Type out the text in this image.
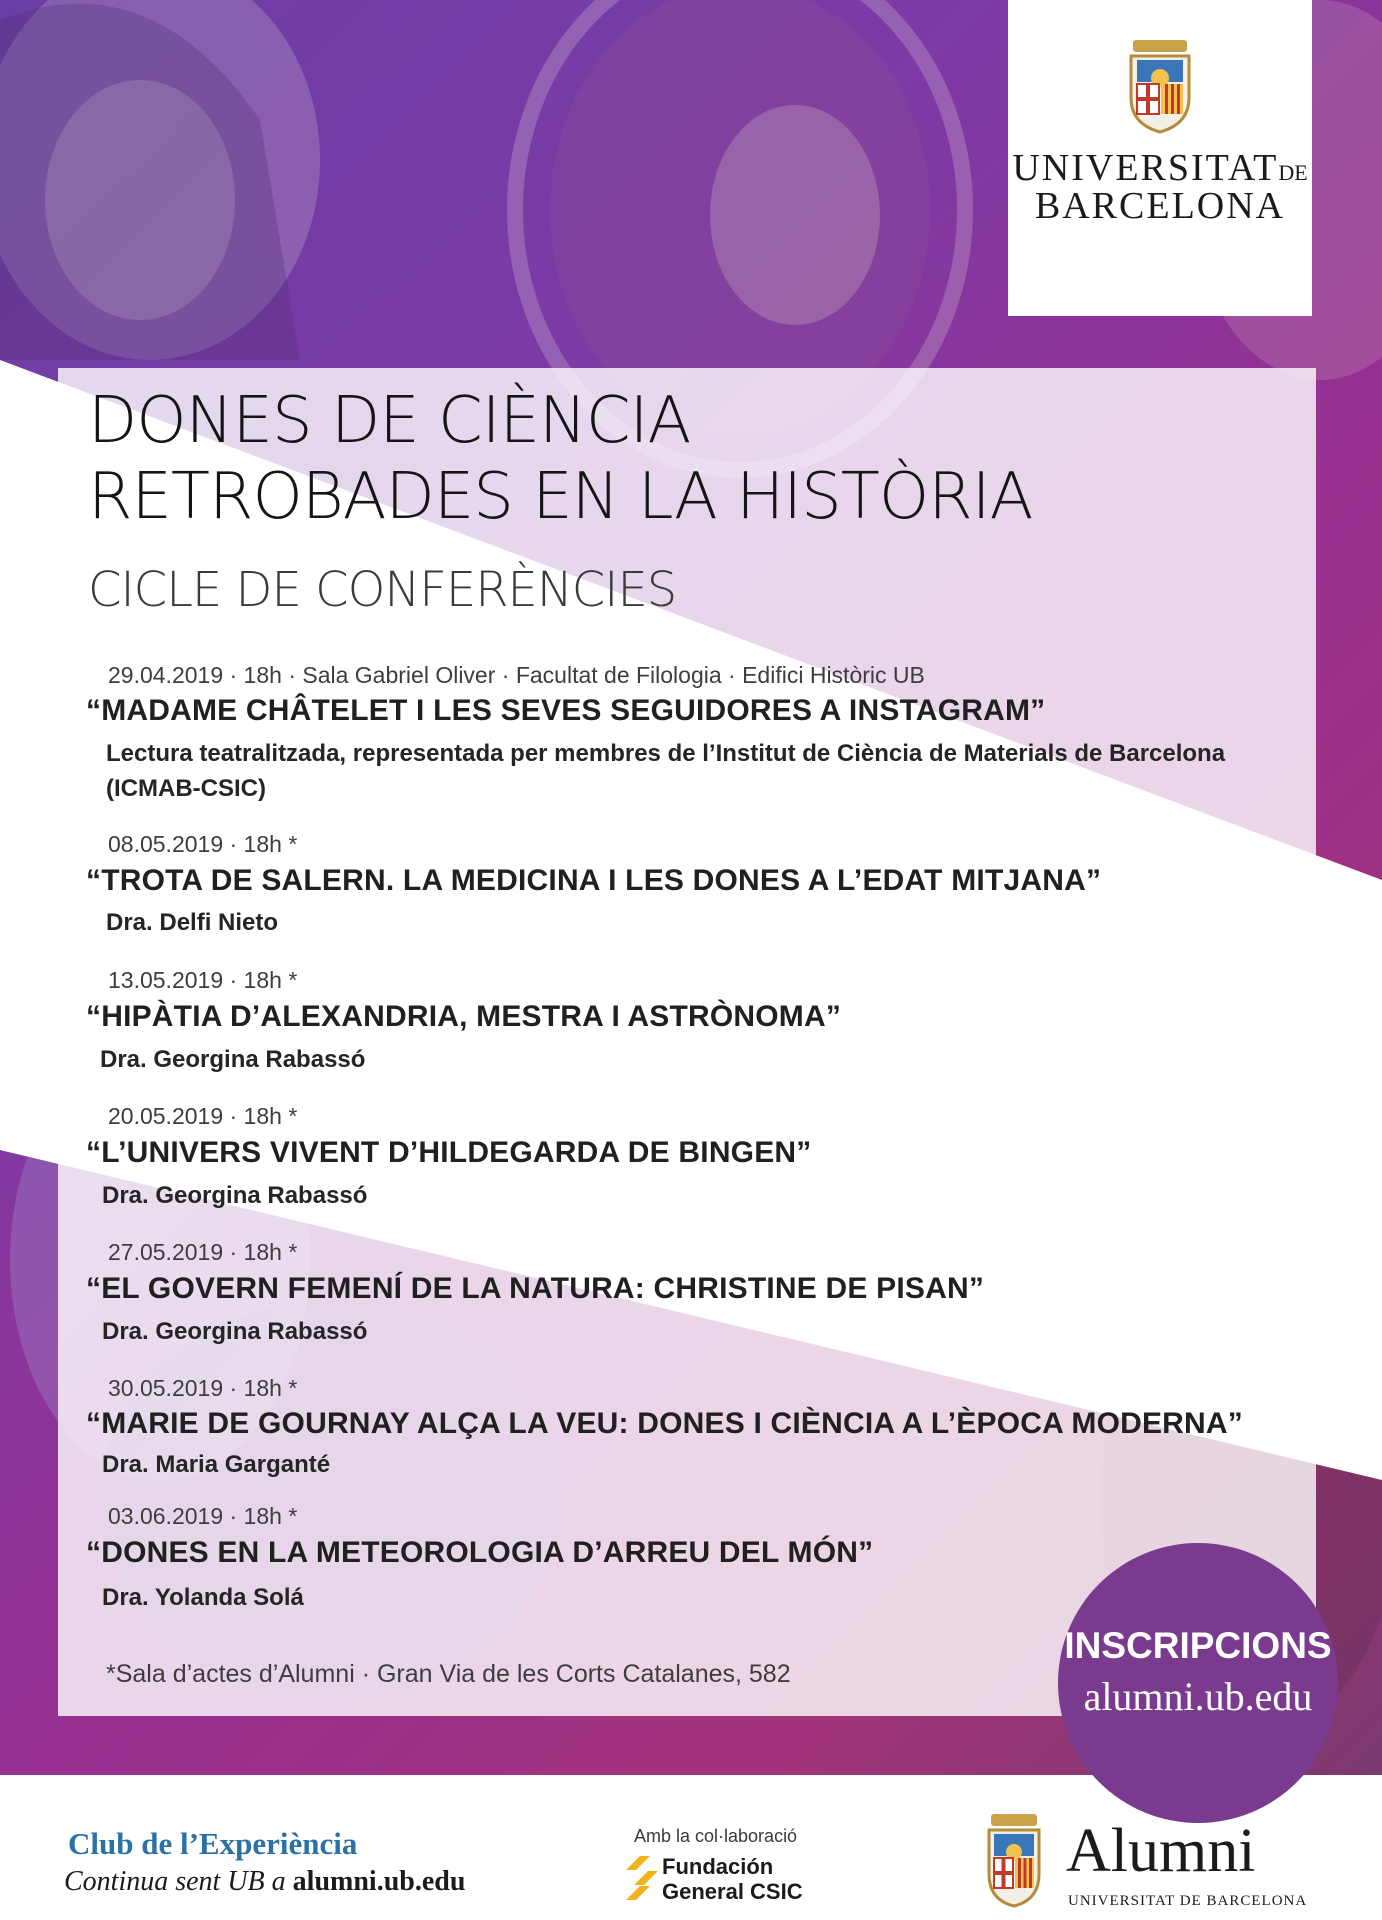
UNIVERSITATDE
BARCELONA
DONES DE CIÈNCIA
RETROBADES EN LA HISTÒRIA
CICLE DE CONFERÈNCIES
29.04.2019 · 18h · Sala Gabriel Oliver · Facultat de Filologia · Edifici Històric UB
“MADAME CHÂTELET I LES SEVES SEGUIDORES A INSTAGRAM”
Lectura teatralitzada, representada per membres de l’Institut de Ciència de Materials de Barcelona (ICMAB-CSIC)
08.05.2019 · 18h *
“TROTA DE SALERN. LA MEDICINA I LES DONES A L’EDAT MITJANA”
Dra. Delfi Nieto
13.05.2019 · 18h *
“HIPÀTIA D’ALEXANDRIA, MESTRA I ASTRÒNOMA”
Dra. Georgina Rabassó
20.05.2019 · 18h *
“L’UNIVERS VIVENT D’HILDEGARDA DE BINGEN”
Dra. Georgina Rabassó
27.05.2019 · 18h *
“EL GOVERN FEMENÍ DE LA NATURA: CHRISTINE DE PISAN”
Dra. Georgina Rabassó
30.05.2019 · 18h *
“MARIE DE GOURNAY ALÇA LA VEU: DONES I CIÈNCIA A L’ÈPOCA MODERNA”
Dra. Maria Garganté
03.06.2019 · 18h *
“DONES EN LA METEOROLOGIA D’ARREU DEL MÓN”
Dra. Yolanda Solá
*Sala d’actes d’Alumni · Gran Via de les Corts Catalanes, 582
INSCRIPCIONS
alumni.ub.edu
Club de l’Experiència
Continua sent UB a alumni.ub.edu
Amb la col·laboració
Fundación
General CSIC
Alumni
UNIVERSITAT DE BARCELONA
